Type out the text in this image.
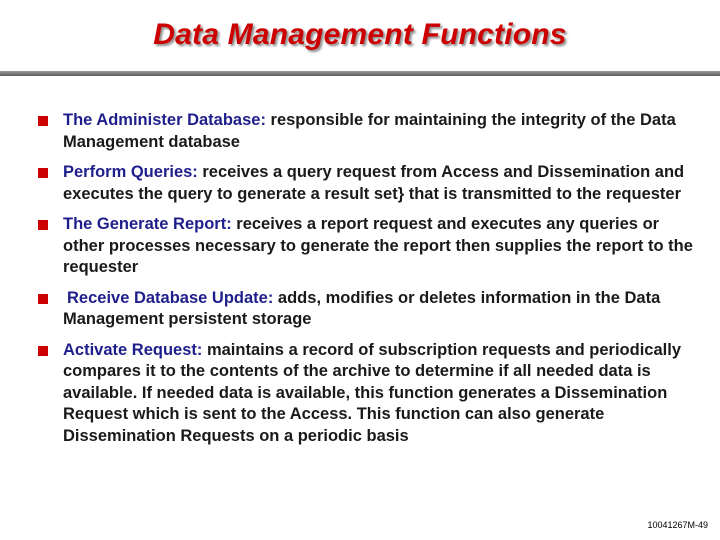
Data Management Functions
The Administer Database: responsible for maintaining the integrity of the Data Management database
Perform Queries: receives a query request from Access and Dissemination and executes the query to generate a result set} that is transmitted to the requester
The Generate Report: receives a report request and executes any queries or other processes necessary to generate the report then supplies the report to the requester
Receive Database Update: adds, modifies or deletes information in the Data Management persistent storage
Activate Request: maintains a record of subscription requests and periodically compares it to the contents of the archive to determine if all needed data is available. If needed data is available, this function generates a Dissemination Request which is sent to the Access. This function can also generate Dissemination Requests on a periodic basis
10041267M-49
